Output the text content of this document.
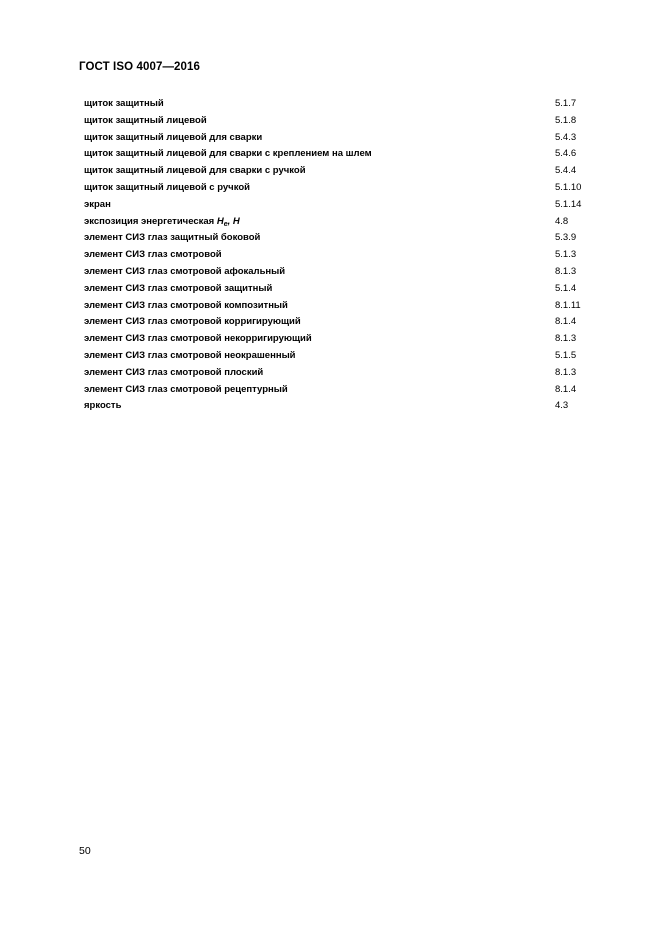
ГОСТ ISO 4007—2016
щиток защитный	5.1.7
щиток защитный лицевой	5.1.8
щиток защитный лицевой для сварки	5.4.3
щиток защитный лицевой для сварки с креплением на шлем	5.4.6
щиток защитный лицевой для сварки с ручкой	5.4.4
щиток защитный лицевой с ручкой	5.1.10
экран	5.1.14
экспозиция энергетическая $H_e$, H	4.8
элемент СИЗ глаз защитный боковой	5.3.9
элемент СИЗ глаз смотровой	5.1.3
элемент СИЗ глаз смотровой афокальный	8.1.3
элемент СИЗ глаз смотровой защитный	5.1.4
элемент СИЗ глаз смотровой композитный	8.1.11
элемент СИЗ глаз смотровой корригирующий	8.1.4
элемент СИЗ глаз смотровой некорригирующий	8.1.3
элемент СИЗ глаз смотровой неокрашенный	5.1.5
элемент СИЗ глаз смотровой плоский	8.1.3
элемент СИЗ глаз смотровой рецептурный	8.1.4
яркость	4.3
50
